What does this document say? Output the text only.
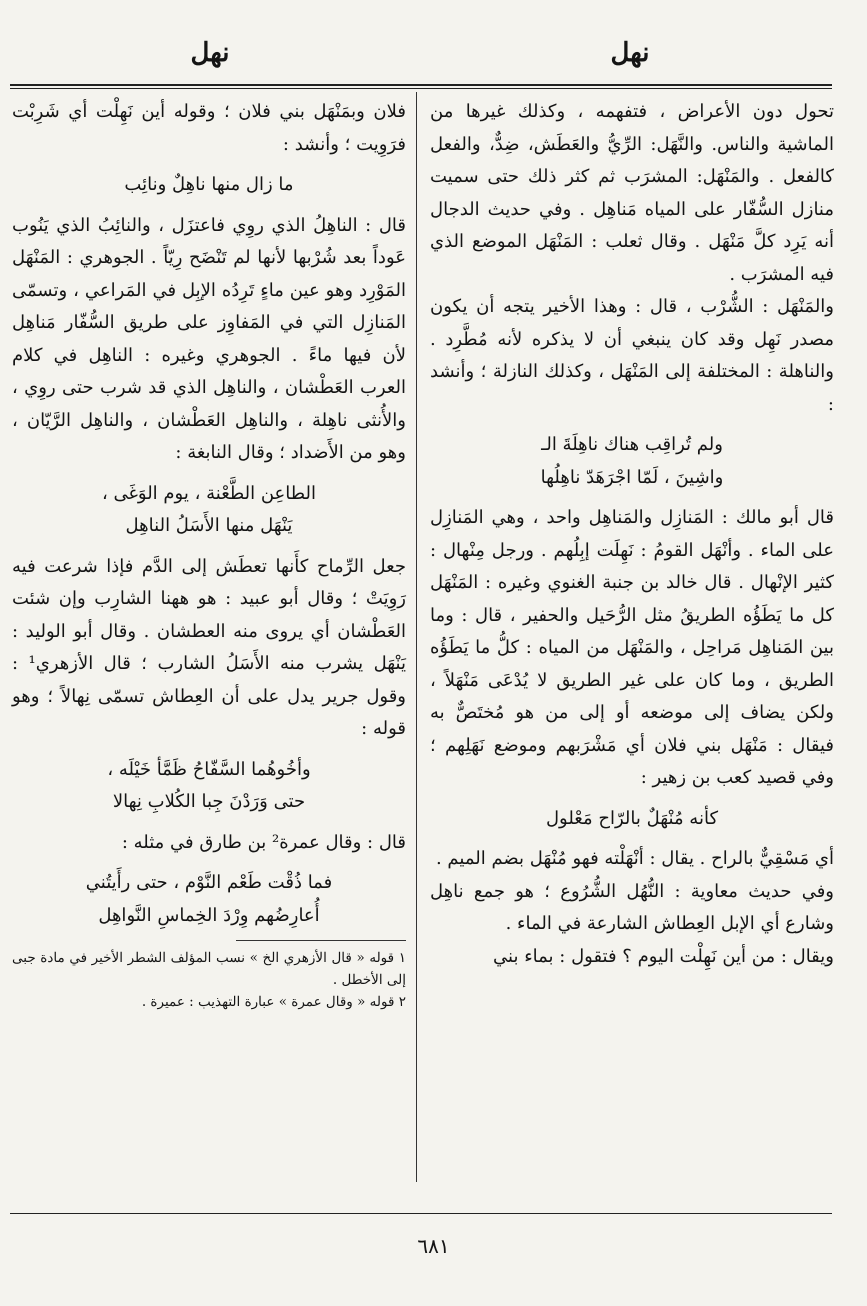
نهل
نهل

تحول دون الأعراض ، فتفهمه ، وكذلك غيرها من الماشية والناس. والنَّهَل: الرِّيُّ والعَطَش، ضِدٌّ، والفعل كالفعل . والمَنْهَل: المشرَب ثم كثر ذلك حتى سميت منازل السُّفّار على المياه مَناهِل . وفي حديث الدجال أنه يَرِد كلَّ مَنْهَل . وقال ثعلب : المَنْهَل الموضع الذي فيه المشرَب .

والمَنْهَل : الشُّرْب ، قال : وهذا الأخير يتجه أن يكون مصدر نَهِل وقد كان ينبغي أن لا يذكره لأنه مُطَّرِد . والناهلة : المختلفة إلى المَنْهَل ، وكذلك النازلة ؛ وأنشد :

ولم تُراقِب هناك ناهِلَةَ الـ
واشِينَ ، لَمّا اجْرَهَدّ ناهِلُها

قال أبو مالك : المَنازِل والمَناهِل واحد ، وهي المَنازِل على الماء . وأنْهَل القومُ : نَهِلَت إبِلُهم . ورجل مِنْهال : كثير الإنْهال . قال خالد بن جنبة الغنوي وغيره : المَنْهَل كل ما يَطَؤُه الطريقُ مثل الرُّحَيل والحفير ، قال : وما بين المَناهِل مَراحِل ، والمَنْهَل من المياه : كلُّ ما يَطَؤُه الطريق ، وما كان على غير الطريق لا يُدْعَى مَنْهَلاً ، ولكن يضاف إلى موضعه أو إلى من هو مُختَصٌّ به فيقال : مَنْهَل بني فلان أي مَشْرَبهم وموضع نَهَلِهم ؛ وفي قصيد كعب بن زهير :

كأنه مُنْهَلٌ بالرّاح مَعْلول

أي مَسْقِيٌّ بالراح . يقال : أنْهَلْته فهو مُنْهَل بضم الميم .

وفي حديث معاوية : النُّهُل الشُّرُوع ؛ هو جمع ناهِل وشارع أي الإبل العِطاش الشارعة في الماء .

ويقال : من أين نَهِلْت اليوم ؟ فتقول : بماء بني

فلان وبمَنْهَل بني فلان ؛ وقوله أين نَهِلْت أي شَرِبْت فرَوِيت ؛ وأنشد :

ما زال منها ناهِلٌ ونائِب

قال : الناهِلُ الذي روِي فاعتزَل ، والنائِبُ الذي يَنُوب عَوداً بعد شُرْبها لأنها لم تَنْضَح رِيّاً . الجوهري : المَنْهَل المَوْرِد وهو عين ماءٍ تَرِدُه الإبِل في المَراعي ، وتسمّى المَنازِل التي في المَفاوِز على طريق السُّفّار مَناهِل لأن فيها ماءً . الجوهري وغيره : الناهِل في كلام العرب العَطْشان ، والناهِل الذي قد شرب حتى روِي ، والأُنثى ناهِلة ، والناهِل العَطْشان ، والناهِل الرَّيّان ، وهو من الأَضداد ؛ وقال النابغة :

الطاعِن الطَّعْنة ، يوم الوَغَى ،
يَنْهَل منها الأَسَلُ الناهِل

جعل الرِّماح كأَنها تعطَش إلى الدَّم فإذا شرعت فيه رَوِيَتْ ؛ وقال أبو عبيد : هو ههنا الشارِب وإن شئت العَطْشان أي يروى منه العطشان . وقال أبو الوليد : يَنْهَل يشرب منه الأَسَلُ الشارب ؛ قال الأزهري¹ : وقول جرير يدل على أن العِطاش تسمّى نِهالاً ؛ وهو قوله :

وأخُوهُما السَّفّاحُ ظَمَّأ خَيْلَه ،
حتى وَرَدْنَ جِبا الكُلابِ نِهالا

قال : وقال عمرة² بن طارق في مثله :

فما ذُقْت طَعْم النَّوْم ، حتى رأَيتُني
أُعارِضُهم وِرْدَ الخِماسِ النَّواهِل

١ قوله « قال الأزهري الخ » نسب المؤلف الشطر الأخير في مادة جبى إلى الأخطل .

٢ قوله « وقال عمرة » عبارة التهذيب : عميرة .

٦٨١
